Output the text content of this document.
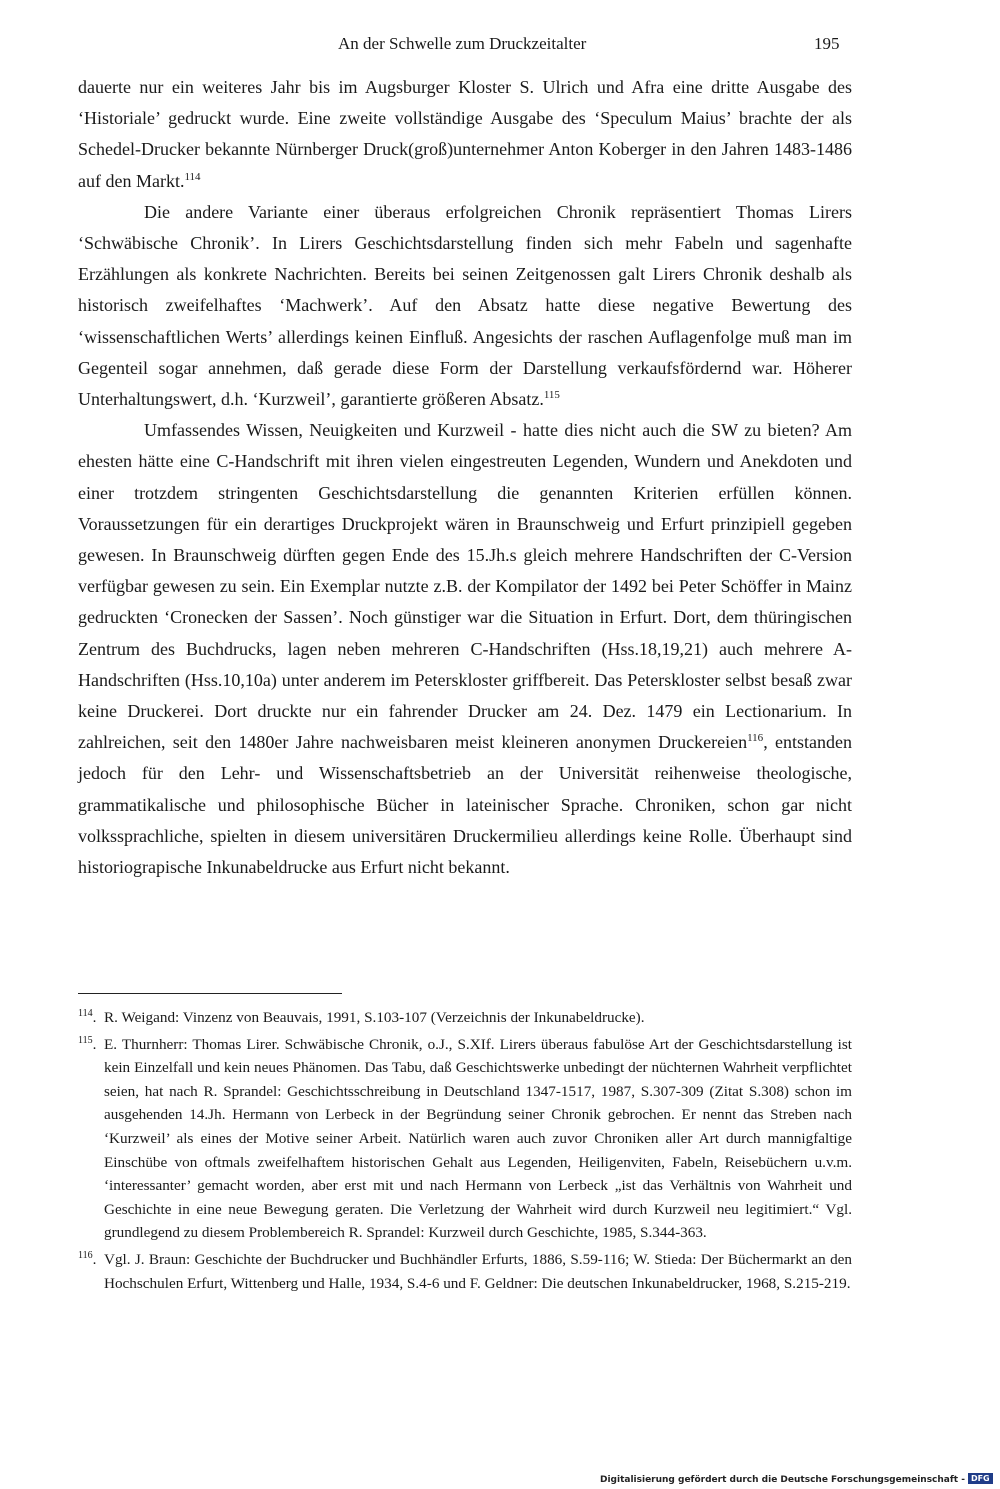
An der Schwelle zum Druckzeitalter	195

dauerte nur ein weiteres Jahr bis im Augsburger Kloster S. Ulrich und Afra eine dritte Ausgabe des ‘Historiale’ gedruckt wurde. Eine zweite vollständige Ausgabe des ‘Speculum Maius’ brachte der als Schedel-Drucker bekannte Nürnberger Druck(groß)unternehmer Anton Koberger in den Jahren 1483-1486 auf den Markt.$^{114}$

Die andere Variante einer überaus erfolgreichen Chronik repräsentiert Thomas Lirers ‘Schwäbische Chronik’. In Lirers Geschichtsdarstellung finden sich mehr Fabeln und sagenhafte Erzählungen als konkrete Nachrichten. Bereits bei seinen Zeitgenossen galt Lirers Chronik deshalb als historisch zweifelhaftes ‘Machwerk’. Auf den Absatz hatte diese negative Bewertung des ‘wissenschaftlichen Werts’ allerdings keinen Einfluß. Angesichts der raschen Auflagenfolge muß man im Gegenteil sogar annehmen, daß gerade diese Form der Darstellung verkaufsfördernd war. Höherer Unterhaltungswert, d.h. ‘Kurzweil’, garantierte größeren Absatz.$^{115}$

Umfassendes Wissen, Neuigkeiten und Kurzweil - hatte dies nicht auch die SW zu bieten? Am ehesten hätte eine C-Handschrift mit ihren vielen eingestreuten Legenden, Wundern und Anekdoten und einer trotzdem stringenten Geschichtsdarstellung die genannten Kriterien erfüllen können. Voraussetzungen für ein derartiges Druckprojekt wären in Braunschweig und Erfurt prinzipiell gegeben gewesen. In Braunschweig dürften gegen Ende des 15.Jh.s gleich mehrere Handschriften der C-Version verfügbar gewesen zu sein. Ein Exemplar nutzte z.B. der Kompilator der 1492 bei Peter Schöffer in Mainz gedruckten ‘Cronecken der Sassen’. Noch günstiger war die Situation in Erfurt. Dort, dem thüringischen Zentrum des Buchdrucks, lagen neben mehreren C-Handschriften (Hss.18,19,21) auch mehrere A-Handschriften (Hss.10,10a) unter anderem im Peterskloster griffbereit. Das Peterskloster selbst besaß zwar keine Druckerei. Dort druckte nur ein fahrender Drucker am 24. Dez. 1479 ein Lectionarium. In zahlreichen, seit den 1480er Jahre nachweisbaren meist kleineren anonymen Druckereien$^{116}$, entstanden jedoch für den Lehr- und Wissenschaftsbetrieb an der Universität reihenweise theologische, grammatikalische und philosophische Bücher in lateinischer Sprache. Chroniken, schon gar nicht volkssprachliche, spielten in diesem universitären Druckermilieu allerdings keine Rolle. Überhaupt sind historiograpische Inkunabeldrucke aus Erfurt nicht bekannt.

$^{114}$. R. Weigand: Vinzenz von Beauvais, 1991, S.103-107 (Verzeichnis der Inkunabeldrucke).

$^{115}$. E. Thurnherr: Thomas Lirer. Schwäbische Chronik, o.J., S.XIf. Lirers überaus fabulöse Art der Geschichtsdarstellung ist kein Einzelfall und kein neues Phänomen. Das Tabu, daß Geschichtswerke unbedingt der nüchternen Wahrheit verpflichtet seien, hat nach R. Sprandel: Geschichtsschreibung in Deutschland 1347-1517, 1987, S.307-309 (Zitat S.308) schon im ausgehenden 14.Jh. Hermann von Lerbeck in der Begründung seiner Chronik gebrochen. Er nennt das Streben nach ‘Kurzweil’ als eines der Motive seiner Arbeit. Natürlich waren auch zuvor Chroniken aller Art durch mannigfaltige Einschübe von oftmals zweifelhaftem historischen Gehalt aus Legenden, Heiligenviten, Fabeln, Reisebüchern u.v.m. ‘interessanter’ gemacht worden, aber erst mit und nach Hermann von Lerbeck „ist das Verhältnis von Wahrheit und Geschichte in eine neue Bewegung geraten. Die Verletzung der Wahrheit wird durch Kurzweil neu legitimiert.“ Vgl. grundlegend zu diesem Problembereich R. Sprandel: Kurzweil durch Geschichte, 1985, S.344-363.

$^{116}$. Vgl. J. Braun: Geschichte der Buchdrucker und Buchhändler Erfurts, 1886, S.59-116; W. Stieda: Der Büchermarkt an den Hochschulen Erfurt, Wittenberg und Halle, 1934, S.4-6 und F. Geldner: Die deutschen Inkunabeldrucker, 1968, S.215-219.

Digitalisierung gefördert durch die Deutsche Forschungsgemeinschaft - DFG
